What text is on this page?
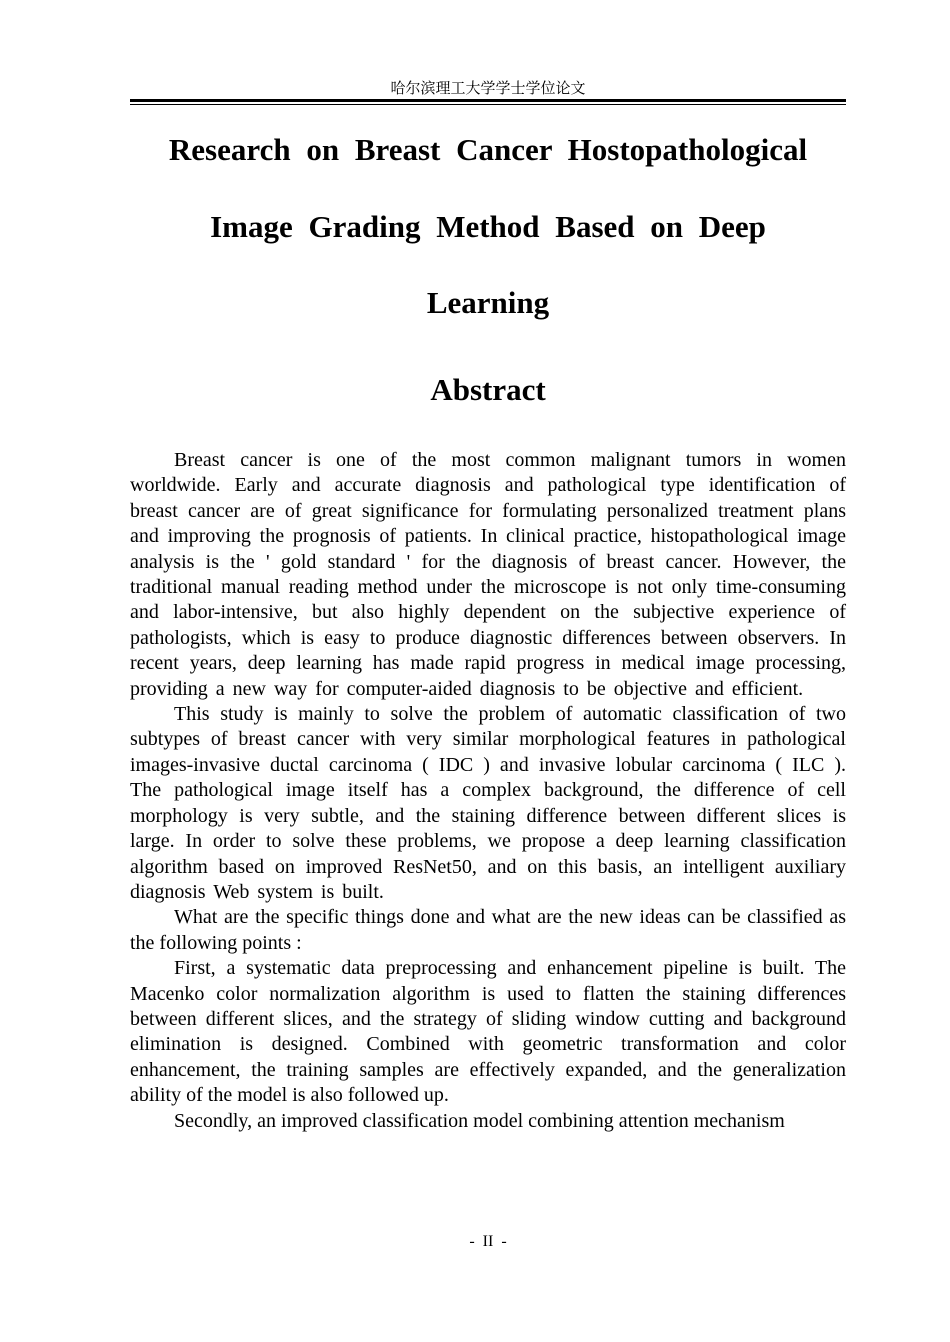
哈尔滨理工大学学士学位论文
Research on Breast Cancer Hostopathological
Image Grading Method Based on Deep
Learning
Abstract

Breast cancer is one of the most common malignant tumors in women worldwide. Early and accurate diagnosis and pathological type identification of breast cancer are of great significance for formulating personalized treatment plans and improving the prognosis of patients. In clinical practice, histopathological image analysis is the ' gold standard ' for the diagnosis of breast cancer. However, the traditional manual reading method under the microscope is not only time-consuming and labor-intensive, but also highly dependent on the subjective experience of pathologists, which is easy to produce diagnostic differences between observers. In recent years, deep learning has made rapid progress in medical image processing, providing a new way for computer-aided diagnosis to be objective and efficient.

This study is mainly to solve the problem of automatic classification of two subtypes of breast cancer with very similar morphological features in pathological images-invasive ductal carcinoma ( IDC ) and invasive lobular carcinoma ( ILC ). The pathological image itself has a complex background, the difference of cell morphology is very subtle, and the staining difference between different slices is large. In order to solve these problems, we propose a deep learning classification algorithm based on improved ResNet50, and on this basis, an intelligent auxiliary diagnosis Web system is built.

What are the specific things done and what are the new ideas can be classified as the following points :

First, a systematic data preprocessing and enhancement pipeline is built. The Macenko color normalization algorithm is used to flatten the staining differences between different slices, and the strategy of sliding window cutting and background elimination is designed. Combined with geometric transformation and color enhancement, the training samples are effectively expanded, and the generalization ability of the model is also followed up.

Secondly, an improved classification model combining attention mechanism

- II -
